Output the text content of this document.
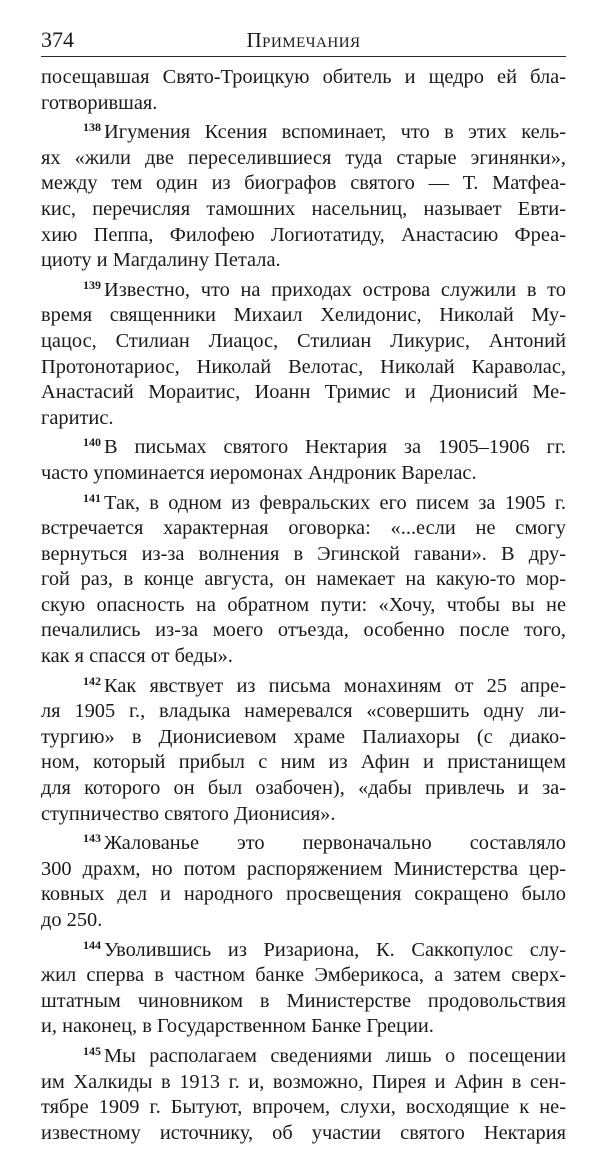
374	Примечания

посещавшая Свято-Троицкую обитель и щедро ей бла-
готворившая.

$^{138}$ Игумения Ксения вспоминает, что в этих кель-
ях «жили две переселившиеся туда старые эгинянки»,
между тем один из биографов святого — Т. Матфеа-
кис, перечисляя тамошних насельниц, называет Евти-
хию Пеппа, Филофею Логиотатиду, Анастасию Фреа-
циоту и Магдалину Петала.

$^{139}$ Известно, что на приходах острова служили в то
время священники Михаил Хелидонис, Николай Му-
цацос, Стилиан Лиацос, Стилиан Ликурис, Антоний
Протонотариос, Николай Велотас, Николай Караволас,
Анастасий Мораитис, Иоанн Тримис и Дионисий Ме-
гаритис.

$^{140}$ В письмах святого Нектария за 1905–1906 гг.
часто упоминается иеромонах Андроник Варелас.

$^{141}$ Так, в одном из февральских его писем за 1905 г.
встречается характерная оговорка: «...если не смогу
вернуться из-за волнения в Эгинской гавани». В дру-
гой раз, в конце августа, он намекает на какую-то мор-
скую опасность на обратном пути: «Хочу, чтобы вы не
печалились из-за моего отъезда, особенно после того,
как я спасся от беды».

$^{142}$ Как явствует из письма монахиням от 25 апре-
ля 1905 г., владыка намеревался «совершить одну ли-
тургию» в Дионисиевом храме Палиахоры (с диако-
ном, который прибыл с ним из Афин и пристанищем
для которого он был озабочен), «дабы привлечь и за-
ступничество святого Дионисия».

$^{143}$ Жалованье это первоначально составляло
300 драхм, но потом распоряжением Министерства цер-
ковных дел и народного просвещения сокращено было
до 250.

$^{144}$ Уволившись из Ризариона, К. Саккопулос слу-
жил сперва в частном банке Эмберикоса, а затем сверх-
штатным чиновником в Министерстве продовольствия
и, наконец, в Государственном Банке Греции.

$^{145}$ Мы располагаем сведениями лишь о посещении
им Халкиды в 1913 г. и, возможно, Пирея и Афин в сен-
тябре 1909 г. Бытуют, впрочем, слухи, восходящие к не-
известному источнику, об участии святого Нектария
